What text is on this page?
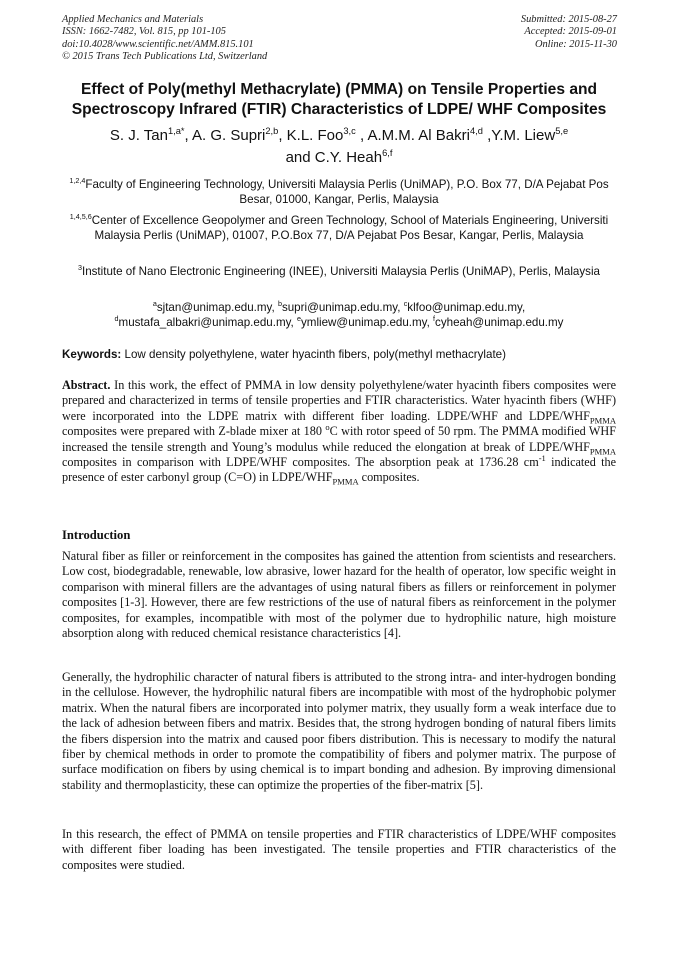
Applied Mechanics and Materials
ISSN: 1662-7482, Vol. 815, pp 101-105
doi:10.4028/www.scientific.net/AMM.815.101
© 2015 Trans Tech Publications Ltd, Switzerland
Submitted: 2015-08-27
Accepted: 2015-09-01
Online: 2015-11-30
Effect of Poly(methyl Methacrylate) (PMMA) on Tensile Properties and Spectroscopy Infrared (FTIR) Characteristics of LDPE/ WHF Composites
S. J. Tan$^{1,a*}$, A. G. Supri$^{2,b}$, K.L. Foo$^{3,c}$ , A.M.M. Al Bakri$^{4,d}$ ,Y.M. Liew$^{5,e}$
and C.Y. Heah$^{6,f}$
$^{1,2,4}$Faculty of Engineering Technology, Universiti Malaysia Perlis (UniMAP), P.O. Box 77, D/A Pejabat Pos Besar, 01000, Kangar, Perlis, Malaysia
$^{1,4,5,6}$Center of Excellence Geopolymer and Green Technology, School of Materials Engineering, Universiti Malaysia Perlis (UniMAP), 01007, P.O.Box 77, D/A Pejabat Pos Besar, Kangar, Perlis, Malaysia
$^3$Institute of Nano Electronic Engineering (INEE), Universiti Malaysia Perlis (UniMAP), Perlis, Malaysia
$^a$sjtan@unimap.edu.my, $^b$supri@unimap.edu.my, $^c$klfoo@unimap.edu.my,
$^d$mustafa_albakri@unimap.edu.my, $^e$ymliew@unimap.edu.my, $^f$cyheah@unimap.edu.my
Keywords: Low density polyethylene, water hyacinth fibers, poly(methyl methacrylate)

Abstract. In this work, the effect of PMMA in low density polyethylene/water hyacinth fibers composites were prepared and characterized in terms of tensile properties and FTIR characteristics. Water hyacinth fibers (WHF) were incorporated into the LDPE matrix with different fiber loading. LDPE/WHF and LDPE/$WHF_{PMMA}$ composites were prepared with Z-blade mixer at 180 $^o$C with rotor speed of 50 rpm. The PMMA modified WHF increased the tensile strength and Young’s modulus while reduced the elongation at break of LDPE/$WHF_{PMMA}$ composites in comparison with LDPE/WHF composites. The absorption peak at 1736.28 $cm^{-1}$ indicated the presence of ester carbonyl group (C=O) in LDPE/$WHF_{PMMA}$ composites.

Introduction

Natural fiber as filler or reinforcement in the composites has gained the attention from scientists and researchers. Low cost, biodegradable, renewable, low abrasive, lower hazard for the health of operator, low specific weight in comparison with mineral fillers are the advantages of using natural fibers as fillers or reinforcement in polymer composites [1-3]. However, there are few restrictions of the use of natural fibers as reinforcement in the polymer composites, for examples, incompatible with most of the polymer due to hydrophilic nature, high moisture absorption along with reduced chemical resistance characteristics [4].

Generally, the hydrophilic character of natural fibers is attributed to the strong intra- and inter-hydrogen bonding in the cellulose. However, the hydrophilic natural fibers are incompatible with most of the hydrophobic polymer matrix. When the natural fibers are incorporated into polymer matrix, they usually form a weak interface due to the lack of adhesion between fibers and matrix. Besides that, the strong hydrogen bonding of natural fibers limits the fibers dispersion into the matrix and caused poor fibers distribution. This is necessary to modify the natural fiber by chemical methods in order to promote the compatibility of fibers and polymer matrix. The purpose of surface modification on fibers by using chemical is to impart bonding and adhesion. By improving dimensional stability and thermoplasticity, these can optimize the properties of the fiber-matrix [5].

In this research, the effect of PMMA on tensile properties and FTIR characteristics of LDPE/WHF composites with different fiber loading has been investigated. The tensile properties and FTIR characteristics of the composites were studied.
